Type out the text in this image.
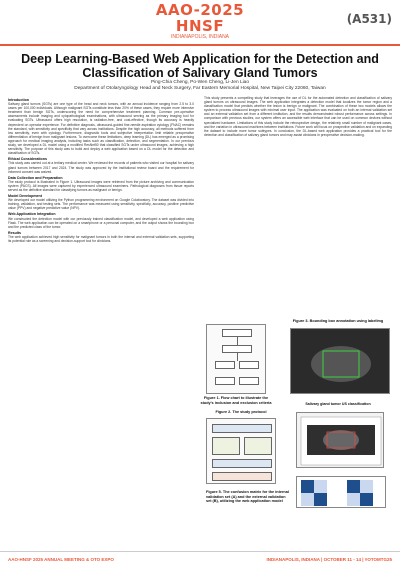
AAO-2025
HNSF
INDIANAPOLIS, INDIANA
(A531)
Deep Learning-Based Web Application for the Detection and Classification of Salivary Gland Tumors
Ping-Chia Cheng, Po-Wen Cheng, Li-Jen Liao
Department of Otolaryngology Head and Neck Surgery, Far Eastern Memorial Hospital, New Taipei City 22060, Taiwan
Introduction
Salivary gland tumors (SGTs) are one type of the head and neck tumors, with an annual incidence ranging from 2.5 to 3.0 cases per 100,000 individuals. Although malignant SGTs constitute less than 20% of these cases, they require more intensive treatment than benign SGTs, underscoring the need for comprehensive treatment planning. Common pre-operative assessments include imaging and cytopathological examinations, with ultrasound serving as the primary imaging tool for evaluating SGTs. Ultrasound offers high resolution, is radiation-free, and cost-effective, though its accuracy is heavily dependent on operator experience. For definitive diagnosis, ultrasound-guided fine-needle aspiration cytology (FNAC) remains the standard, with sensitivity and specificity that vary across institutions. Despite the high accuracy, all methods suffered from low sensitivity, even with cytology. Furthermore, diagnostic tools and subjective interpretation limit reliable preoperative differentiation of benign from malignant lesions. To overcome these limitations, deep learning (DL) has emerged as a promising approach for medical imaging analysis, including tasks such as classification, detection, and segmentation. In our previous study, we developed a DL model using a modified ResNet50 that classified SGTs under ultrasound images, achieving a high sensitivity. The purpose of this study was to build and deploy a web application based on a DL model for the detection and classification of SGTs.
Ethical Considerations
This study was carried out at a tertiary medical center. We reviewed the records of patients who visited our hospital for salivary gland tumors between 2017 and 2024. The study was approved by the institutional review board and the requirement for informed consent was waived.
Data Collection and Preparation
The study protocol is illustrated in Figure 1. Ultrasound images were retrieved from the picture archiving and communication system (PACS). All images were captured by experienced ultrasound examiners. Pathological diagnoses from tissue reports served as the definitive standard for classifying tumors as malignant or benign.
Model Development
We developed our model utilizing the Python programming environment on Google Colaboratory. The dataset was divided into training, validation, and testing sets. The performance was measured using sensitivity, specificity, accuracy, positive predictive value (PPV) and negative predictive value (NPV).
Web Application Integration
We constructed the detection model with our previously trained classification model, and developed a web application using Flask. The web application can be operated on a smartphone or a personal computer, and the output shows the bounding box and the predicted class of the tumor.
Results
The web application achieved high sensitivity for malignant tumors in both the internal and external validation sets, supporting its potential role as a screening and decision-support tool for clinicians.
This study presents a compelling study that leverages the use of DL for the automated detection and classification of salivary gland tumors on ultrasound images. The web application integrates a detection model that localizes the tumor region and a classification model that predicts whether the lesion is benign or malignant. The combination of these two models allows the system to process ultrasound images with minimal user input. The application was evaluated on both an internal validation set and an external validation set from a different institution, and the results demonstrated robust performance across settings. In comparison with previous studies, our system offers an accessible web interface that can be used on common devices without specialized hardware. Limitations of this study include the retrospective design, the relatively small number of malignant cases, and the variation in ultrasound machines between institutions. Future work will focus on prospective validation and on expanding the dataset to include more tumor subtypes. In conclusion, the DL-based web application provides a practical tool for the detection and classification of salivary gland tumors and may assist clinicians in preoperative decision-making.
Figure 1. Flow chart to illustrate the study's inclusion and exclusion criteria
Figure 3. Bounding box annotation using labelImg
Figure 2. The study protocol
Salivary gland tumor US classification
Figure 5. The confusion matrix for the internal validation set (A) and the external validation set (B), utilizing the web application model
AAO-HNSF 2025 ANNUAL MEETING & OTO EXPO	INDIANAPOLIS, INDIANA | OCTOBER 11 - 14 | #OTOMTG25
